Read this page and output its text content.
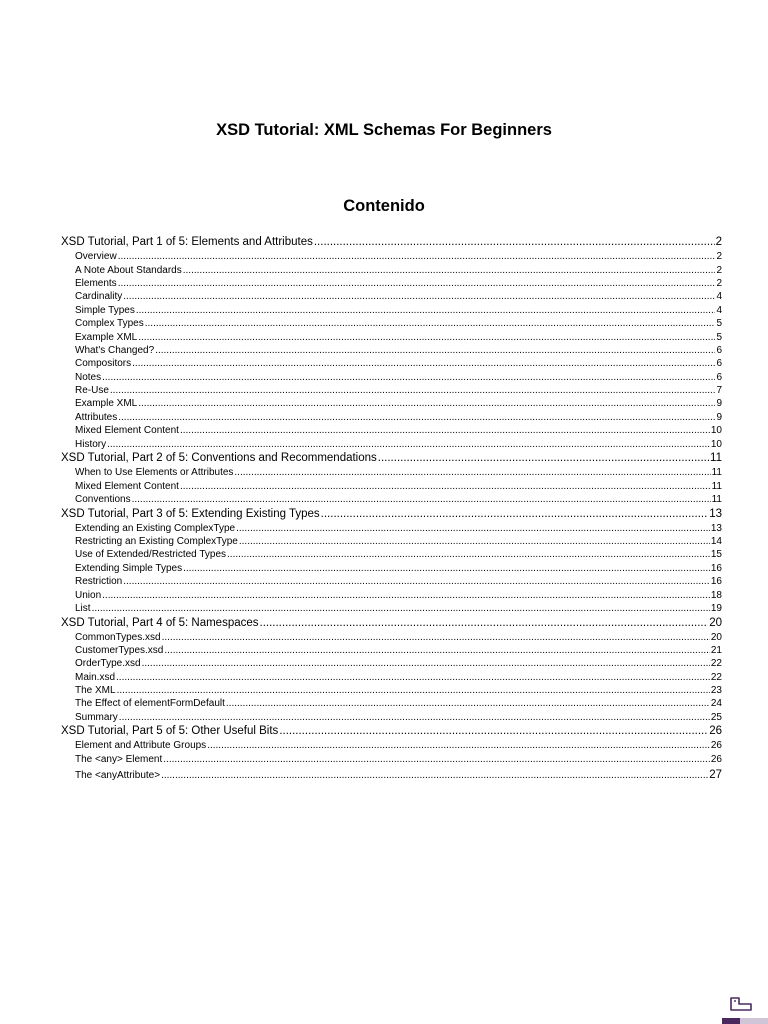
XSD Tutorial: XML Schemas For Beginners
Contenido
XSD Tutorial, Part 1 of 5: Elements and Attributes .....	2
Overview .....	2
A Note About Standards .....	2
Elements .....	2
Cardinality .....	4
Simple Types .....	4
Complex Types .....	5
Example XML .....	5
What's Changed? .....	6
Compositors .....	6
Notes .....	6
Re-Use .....	7
Example XML .....	9
Attributes .....	9
Mixed Element Content .....	10
History .....	10
XSD Tutorial, Part 2 of 5: Conventions and Recommendations .....	11
When to Use Elements or Attributes .....	11
Mixed Element Content .....	11
Conventions .....	11
XSD Tutorial, Part 3 of 5: Extending Existing Types .....	13
Extending an Existing ComplexType .....	13
Restricting an Existing ComplexType .....	14
Use of Extended/Restricted Types .....	15
Extending Simple Types .....	16
Restriction .....	16
Union .....	18
List .....	19
XSD Tutorial, Part 4 of 5: Namespaces .....	20
CommonTypes.xsd .....	20
CustomerTypes.xsd .....	21
OrderType.xsd .....	22
Main.xsd .....	22
The XML .....	23
The Effect of elementFormDefault .....	24
Summary .....	25
XSD Tutorial, Part 5 of 5: Other Useful Bits .....	26
Element and Attribute Groups .....	26
The <any> Element .....	26
The <anyAttribute> .....	27
